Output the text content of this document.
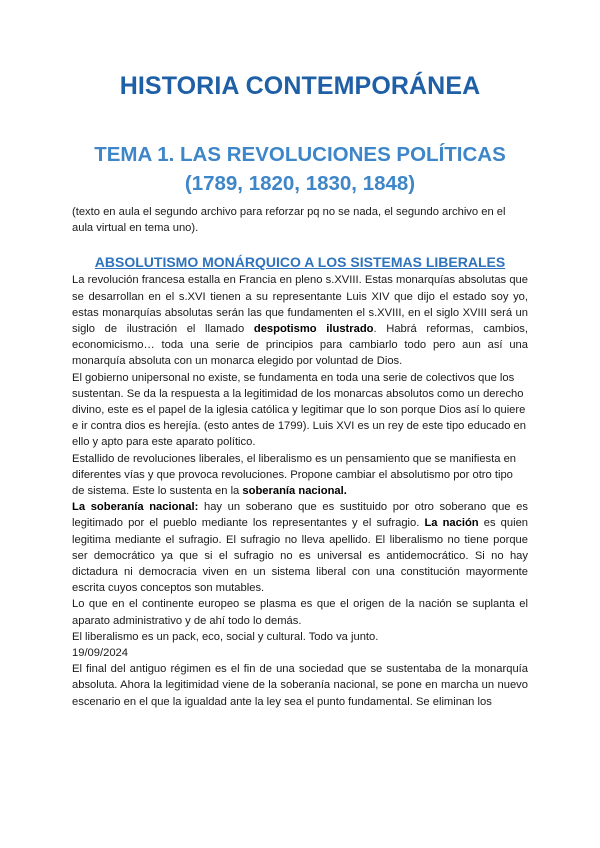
HISTORIA CONTEMPORÁNEA
TEMA 1. LAS REVOLUCIONES POLÍTICAS
(1789, 1820, 1830, 1848)

(texto en aula el segundo archivo para reforzar pq no se nada, el segundo archivo en el aula virtual en tema uno).

ABSOLUTISMO MONÁRQUICO A LOS SISTEMAS LIBERALES

La revolución francesa estalla en Francia en pleno s.XVIII. Estas monarquías absolutas que se desarrollan en el s.XVI tienen a su representante Luis XIV que dijo el estado soy yo, estas monarquías absolutas serán las que fundamenten el s.XVIII, en el siglo XVIII será un siglo de ilustración el llamado despotismo ilustrado. Habrá reformas, cambios, economicismo… toda una serie de principios para cambiarlo todo pero aun así una monarquía absoluta con un monarca elegido por voluntad de Dios.

El gobierno unipersonal no existe, se fundamenta en toda una serie de colectivos que los sustentan. Se da la respuesta a la legitimidad de los monarcas absolutos como un derecho divino, este es el papel de la iglesia católica y legitimar que lo son porque Dios así lo quiere e ir contra dios es herejía. (esto antes de 1799). Luis XVI es un rey de este tipo educado en ello y apto para este aparato político.

Estallido de revoluciones liberales, el liberalismo es un pensamiento que se manifiesta en diferentes vías y que provoca revoluciones. Propone cambiar el absolutismo por otro tipo de sistema. Este lo sustenta en la soberanía nacional.

La soberanía nacional: hay un soberano que es sustituido por otro soberano que es legitimado por el pueblo mediante los representantes y el sufragio. La nación es quien legitima mediante el sufragio. El sufragio no lleva apellido. El liberalismo no tiene porque ser democrático ya que si el sufragio no es universal es antidemocrático. Si no hay dictadura ni democracia viven en un sistema liberal con una constitución mayormente escrita cuyos conceptos son mutables.

Lo que en el continente europeo se plasma es que el origen de la nación se suplanta el aparato administrativo y de ahí todo lo demás.

El liberalismo es un pack, eco, social y cultural. Todo va junto.

19/09/2024

El final del antiguo régimen es el fin de una sociedad que se sustentaba de la monarquía absoluta. Ahora la legitimidad viene de la soberanía nacional, se pone en marcha un nuevo escenario en el que la igualdad ante la ley sea el punto fundamental. Se eliminan los
